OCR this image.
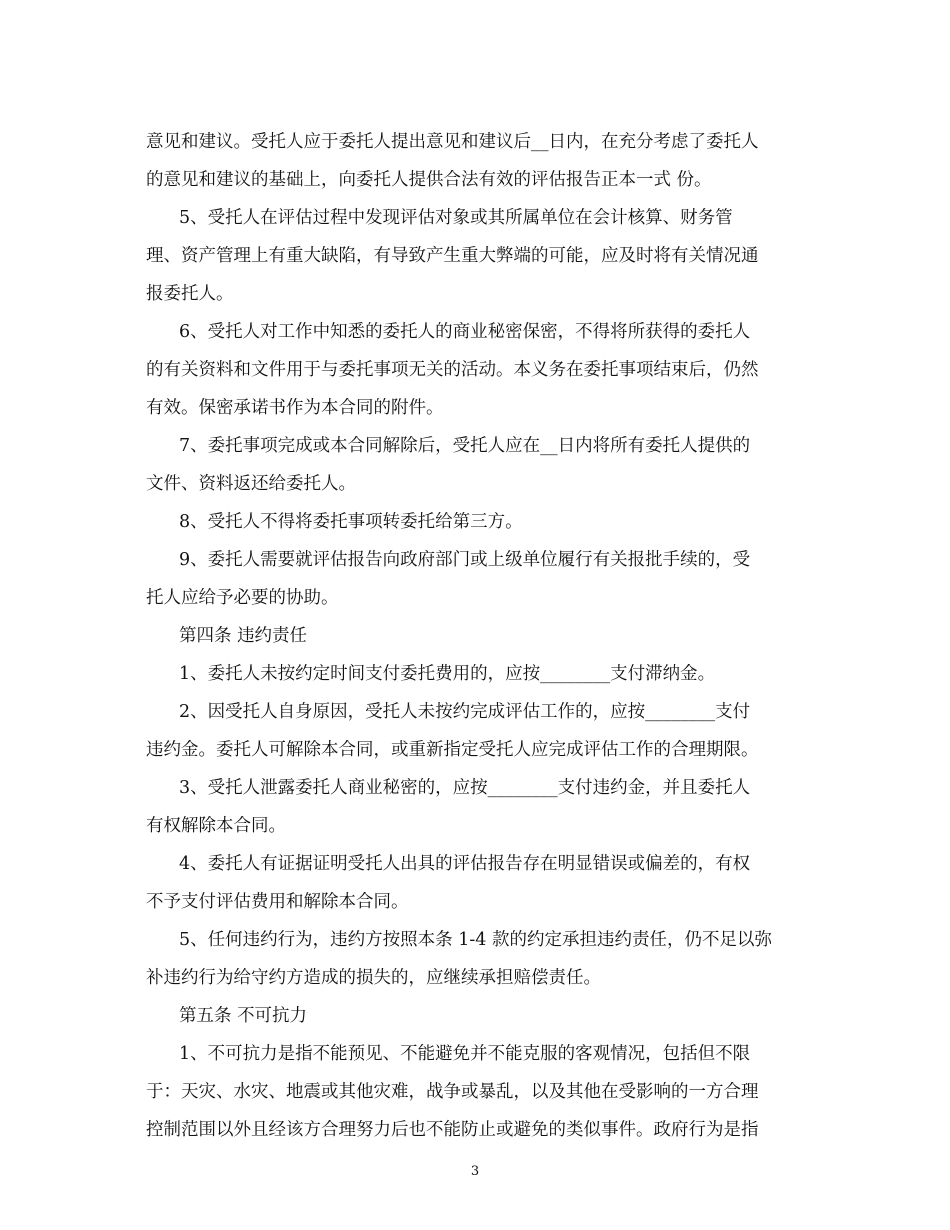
意见和建议。受托人应于委托人提出意见和建议后__日内，在充分考虑了委托人
的意见和建议的基础上，向委托人提供合法有效的评估报告正本一式 份。
5、受托人在评估过程中发现评估对象或其所属单位在会计核算、财务管
理、资产管理上有重大缺陷，有导致产生重大弊端的可能，应及时将有关情况通
报委托人。
6、受托人对工作中知悉的委托人的商业秘密保密，不得将所获得的委托人
的有关资料和文件用于与委托事项无关的活动。本义务在委托事项结束后，仍然
有效。保密承诺书作为本合同的附件。
7、委托事项完成或本合同解除后，受托人应在__日内将所有委托人提供的
文件、资料返还给委托人。
8、受托人不得将委托事项转委托给第三方。
9、委托人需要就评估报告向政府部门或上级单位履行有关报批手续的，受
托人应给予必要的协助。
第四条 违约责任
1、委托人未按约定时间支付委托费用的，应按________支付滞纳金。
2、因受托人自身原因，受托人未按约完成评估工作的，应按________支付
违约金。委托人可解除本合同，或重新指定受托人应完成评估工作的合理期限。
3、受托人泄露委托人商业秘密的，应按________支付违约金，并且委托人
有权解除本合同。
4、委托人有证据证明受托人出具的评估报告存在明显错误或偏差的，有权
不予支付评估费用和解除本合同。
5、任何违约行为，违约方按照本条 1-4 款的约定承担违约责任，仍不足以弥
补违约行为给守约方造成的损失的，应继续承担赔偿责任。
第五条 不可抗力
1、不可抗力是指不能预见、不能避免并不能克服的客观情况，包括但不限
于：天灾、水灾、地震或其他灾难，战争或暴乱，以及其他在受影响的一方合理
控制范围以外且经该方合理努力后也不能防止或避免的类似事件。政府行为是指
3
